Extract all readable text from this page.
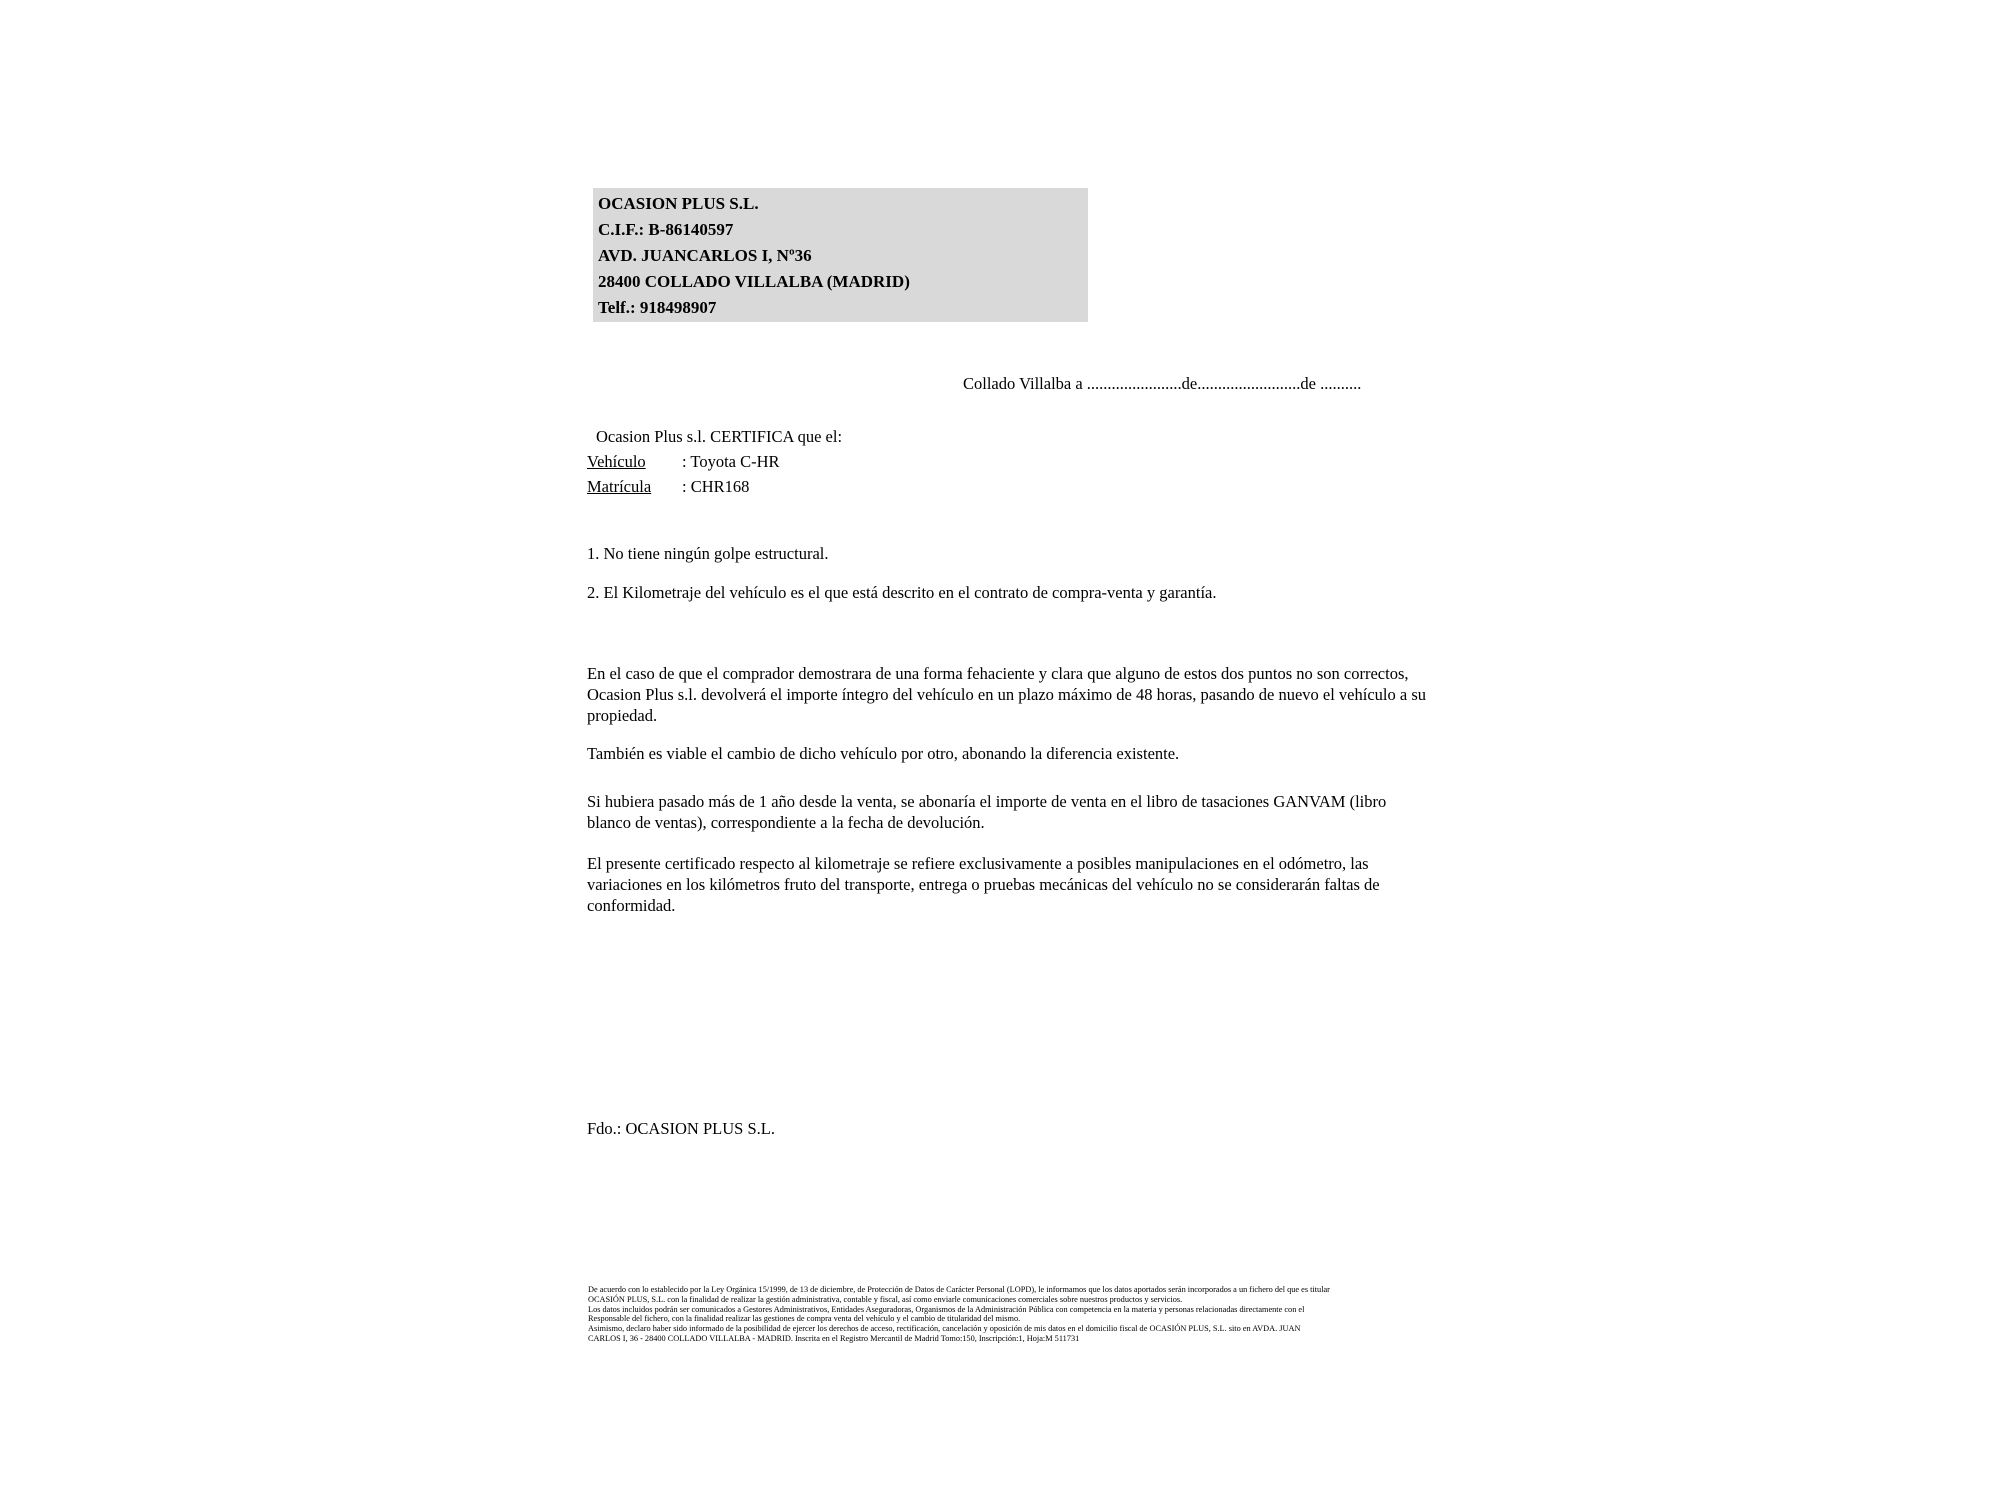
OCASION PLUS S.L.
C.I.F.: B-86140597
AVD. JUANCARLOS I, Nº36
28400 COLLADO VILLALBA (MADRID)
Telf.: 918498907
Collado Villalba a .......................de.........................de ..........
Ocasion Plus s.l. CERTIFICA que el:
Vehículo : Toyota C-HR
Matrícula : CHR168
1. No tiene ningún golpe estructural.
2. El Kilometraje del vehículo es el que está descrito en el contrato de compra-venta y garantía.
En el caso de que el comprador demostrara de una forma fehaciente y clara que alguno de estos dos puntos no son correctos, Ocasion Plus s.l. devolverá el importe íntegro del vehículo en un plazo máximo de 48 horas, pasando de nuevo el vehículo a su propiedad.
También es viable el cambio de dicho vehículo por otro, abonando la diferencia existente.
Si hubiera pasado más de 1 año desde la venta, se abonaría el importe de venta en el libro de tasaciones GANVAM (libro blanco de ventas), correspondiente a la fecha de devolución.
El presente certificado respecto al kilometraje se refiere exclusivamente a posibles manipulaciones en el odómetro, las variaciones en los kilómetros fruto del transporte, entrega o pruebas mecánicas del vehículo no se considerarán faltas de conformidad.
Fdo.: OCASION PLUS S.L.
De acuerdo con lo establecido por la Ley Orgánica 15/1999, de 13 de diciembre, de Protección de Datos de Carácter Personal (LOPD), le informamos que los datos aportados serán incorporados a un fichero del que es titular
OCASIÓN PLUS, S.L. con la finalidad de realizar la gestión administrativa, contable y fiscal, así como enviarle comunicaciones comerciales sobre nuestros productos y servicios.
Los datos incluidos podrán ser comunicados a Gestores Administrativos, Entidades Aseguradoras, Organismos de la Administración Pública con competencia en la materia y personas relacionadas directamente con el
Responsable del fichero, con la finalidad realizar las gestiones de compra venta del vehículo y el cambio de titularidad del mismo.
Asimismo, declaro haber sido informado de la posibilidad de ejercer los derechos de acceso, rectificación, cancelación y oposición de mis datos en el domicilio fiscal de OCASIÓN PLUS, S.L. sito en AVDA. JUAN
CARLOS I, 36 - 28400 COLLADO VILLALBA - MADRID. Inscrita en el Registro Mercantil de Madrid Tomo:150, Inscripción:1, Hoja:M 511731
